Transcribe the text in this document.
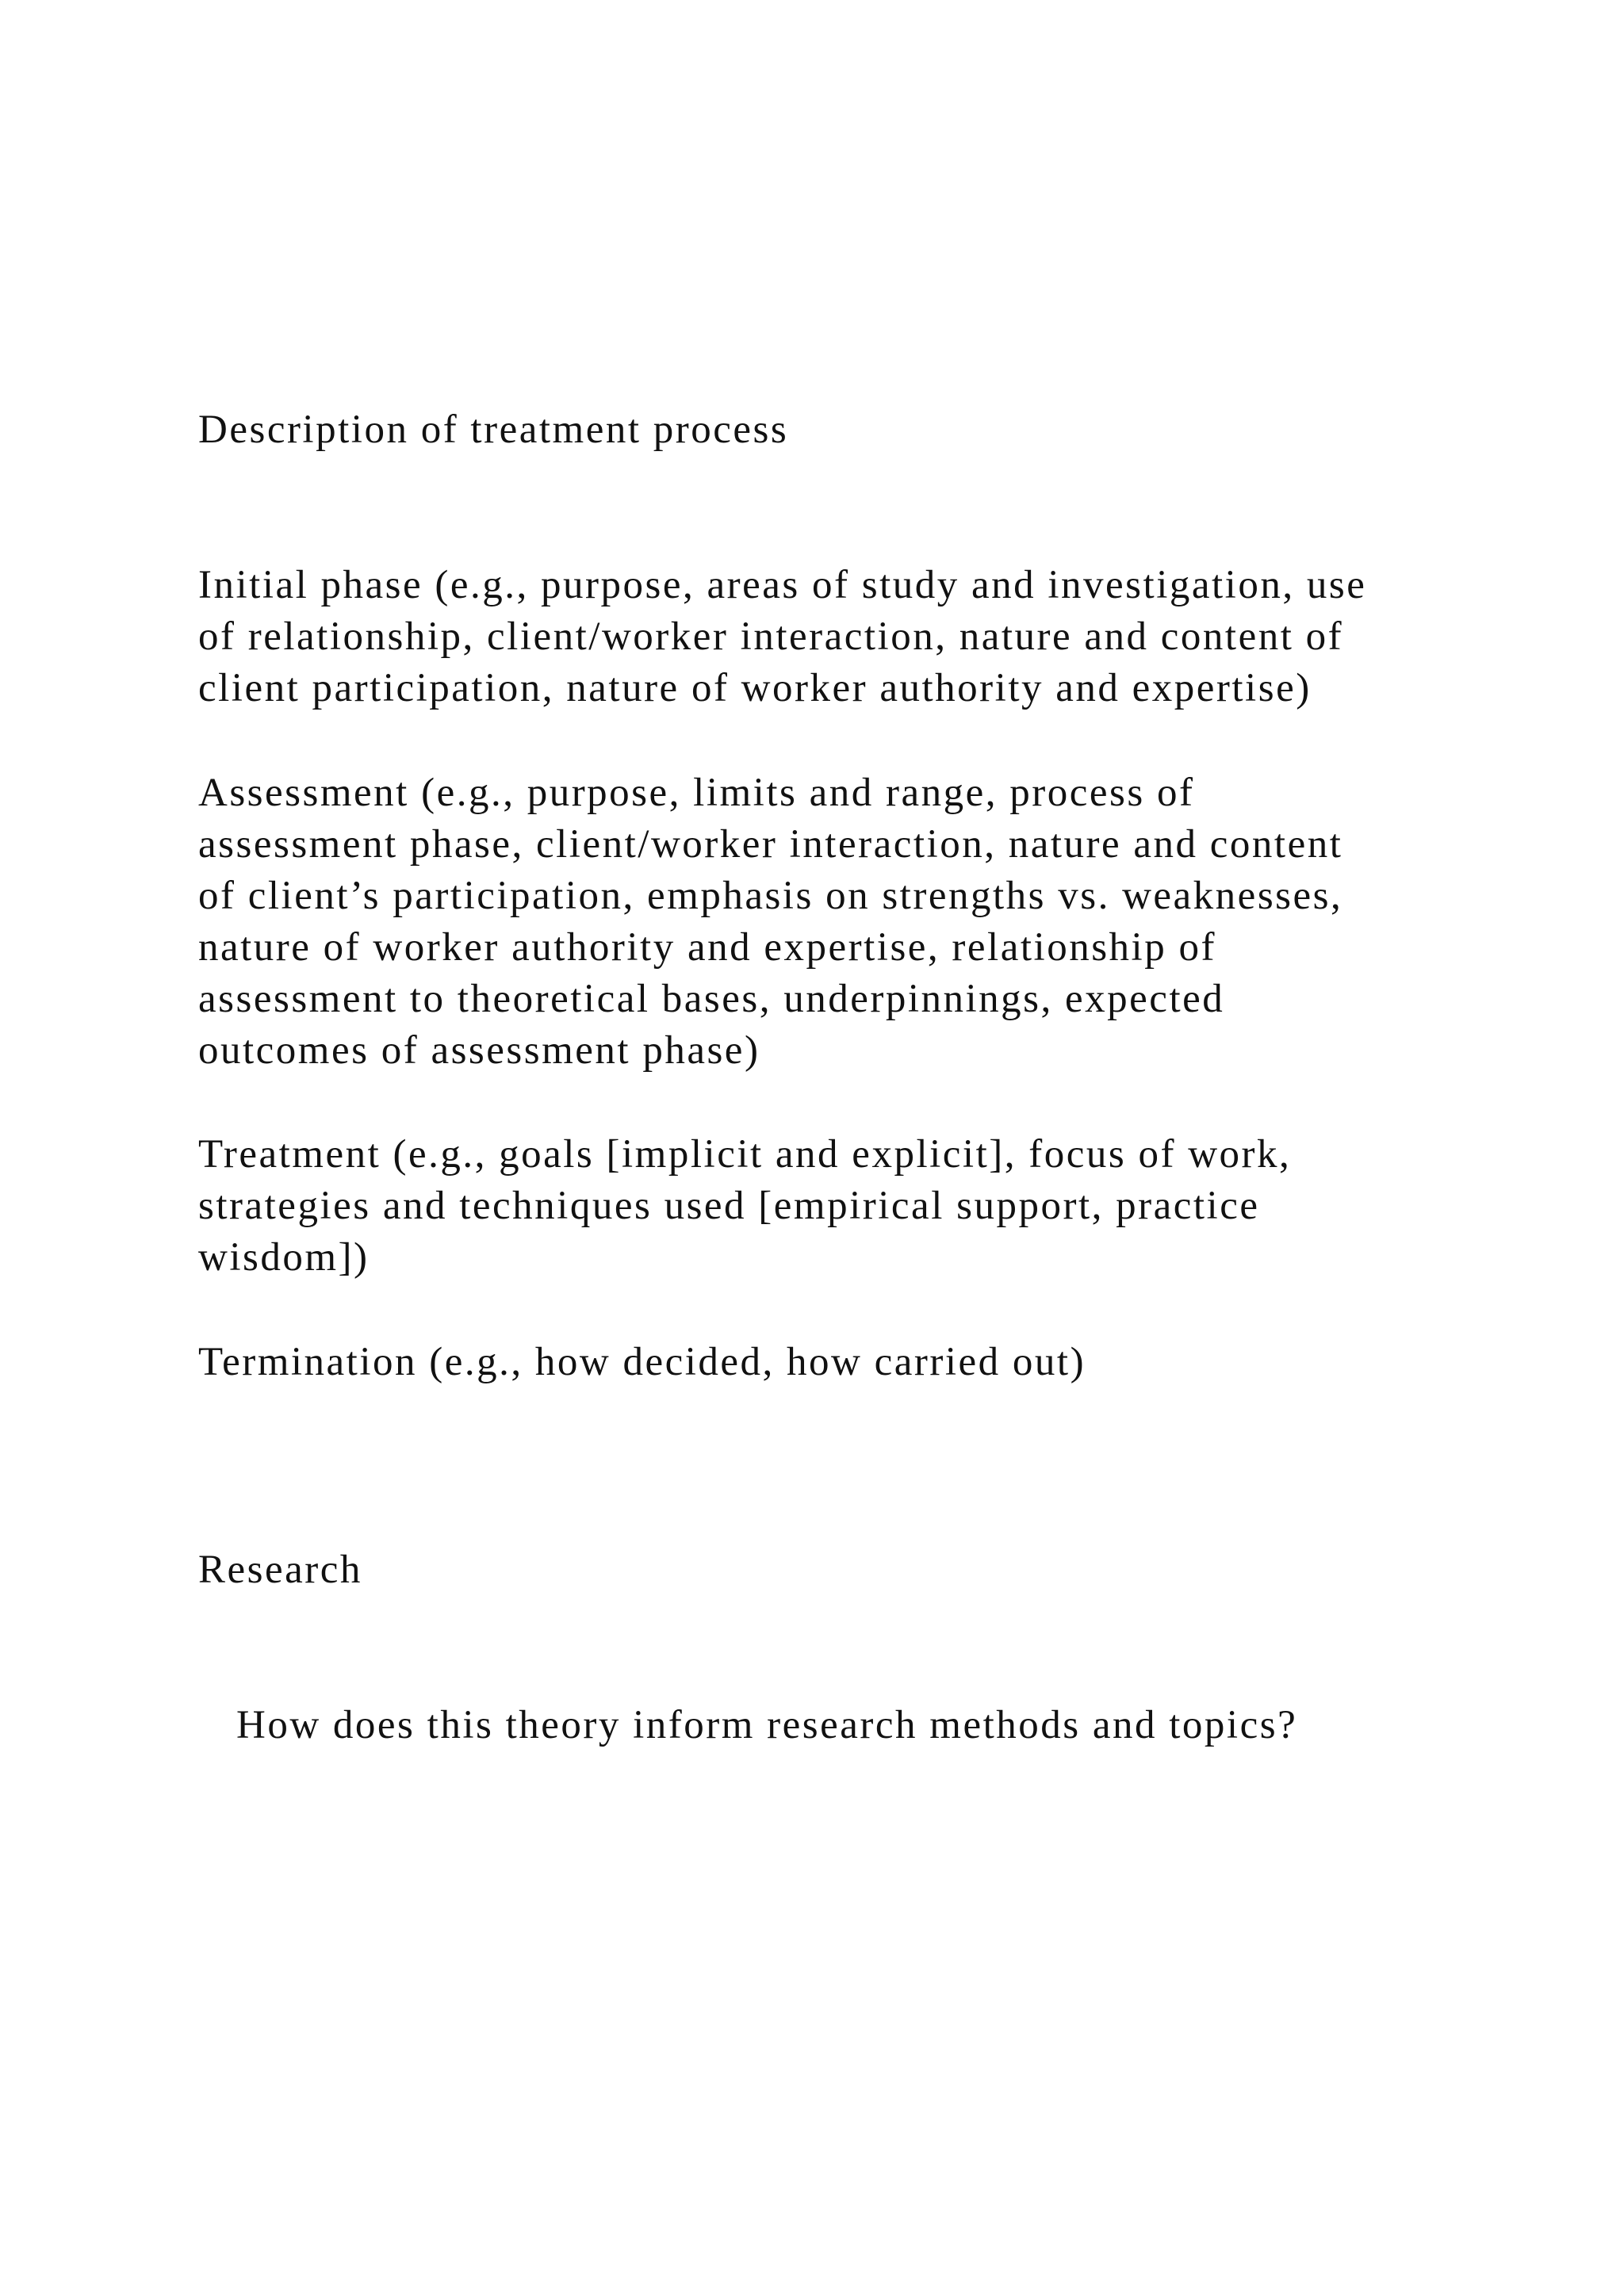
Description of treatment process

Initial phase (e.g., purpose, areas of study and investigation, use
of relationship, client/worker interaction, nature and content of
client participation, nature of worker authority and expertise)

Assessment (e.g., purpose, limits and range, process of
assessment phase, client/worker interaction, nature and content
of client’s participation, emphasis on strengths vs. weaknesses,
nature of worker authority and expertise, relationship of
assessment to theoretical bases, underpinnings, expected
outcomes of assessment phase)

Treatment (e.g., goals [implicit and explicit], focus of work,
strategies and techniques used [empirical support, practice
wisdom])

Termination (e.g., how decided, how carried out)

Research

How does this theory inform research methods and topics?
